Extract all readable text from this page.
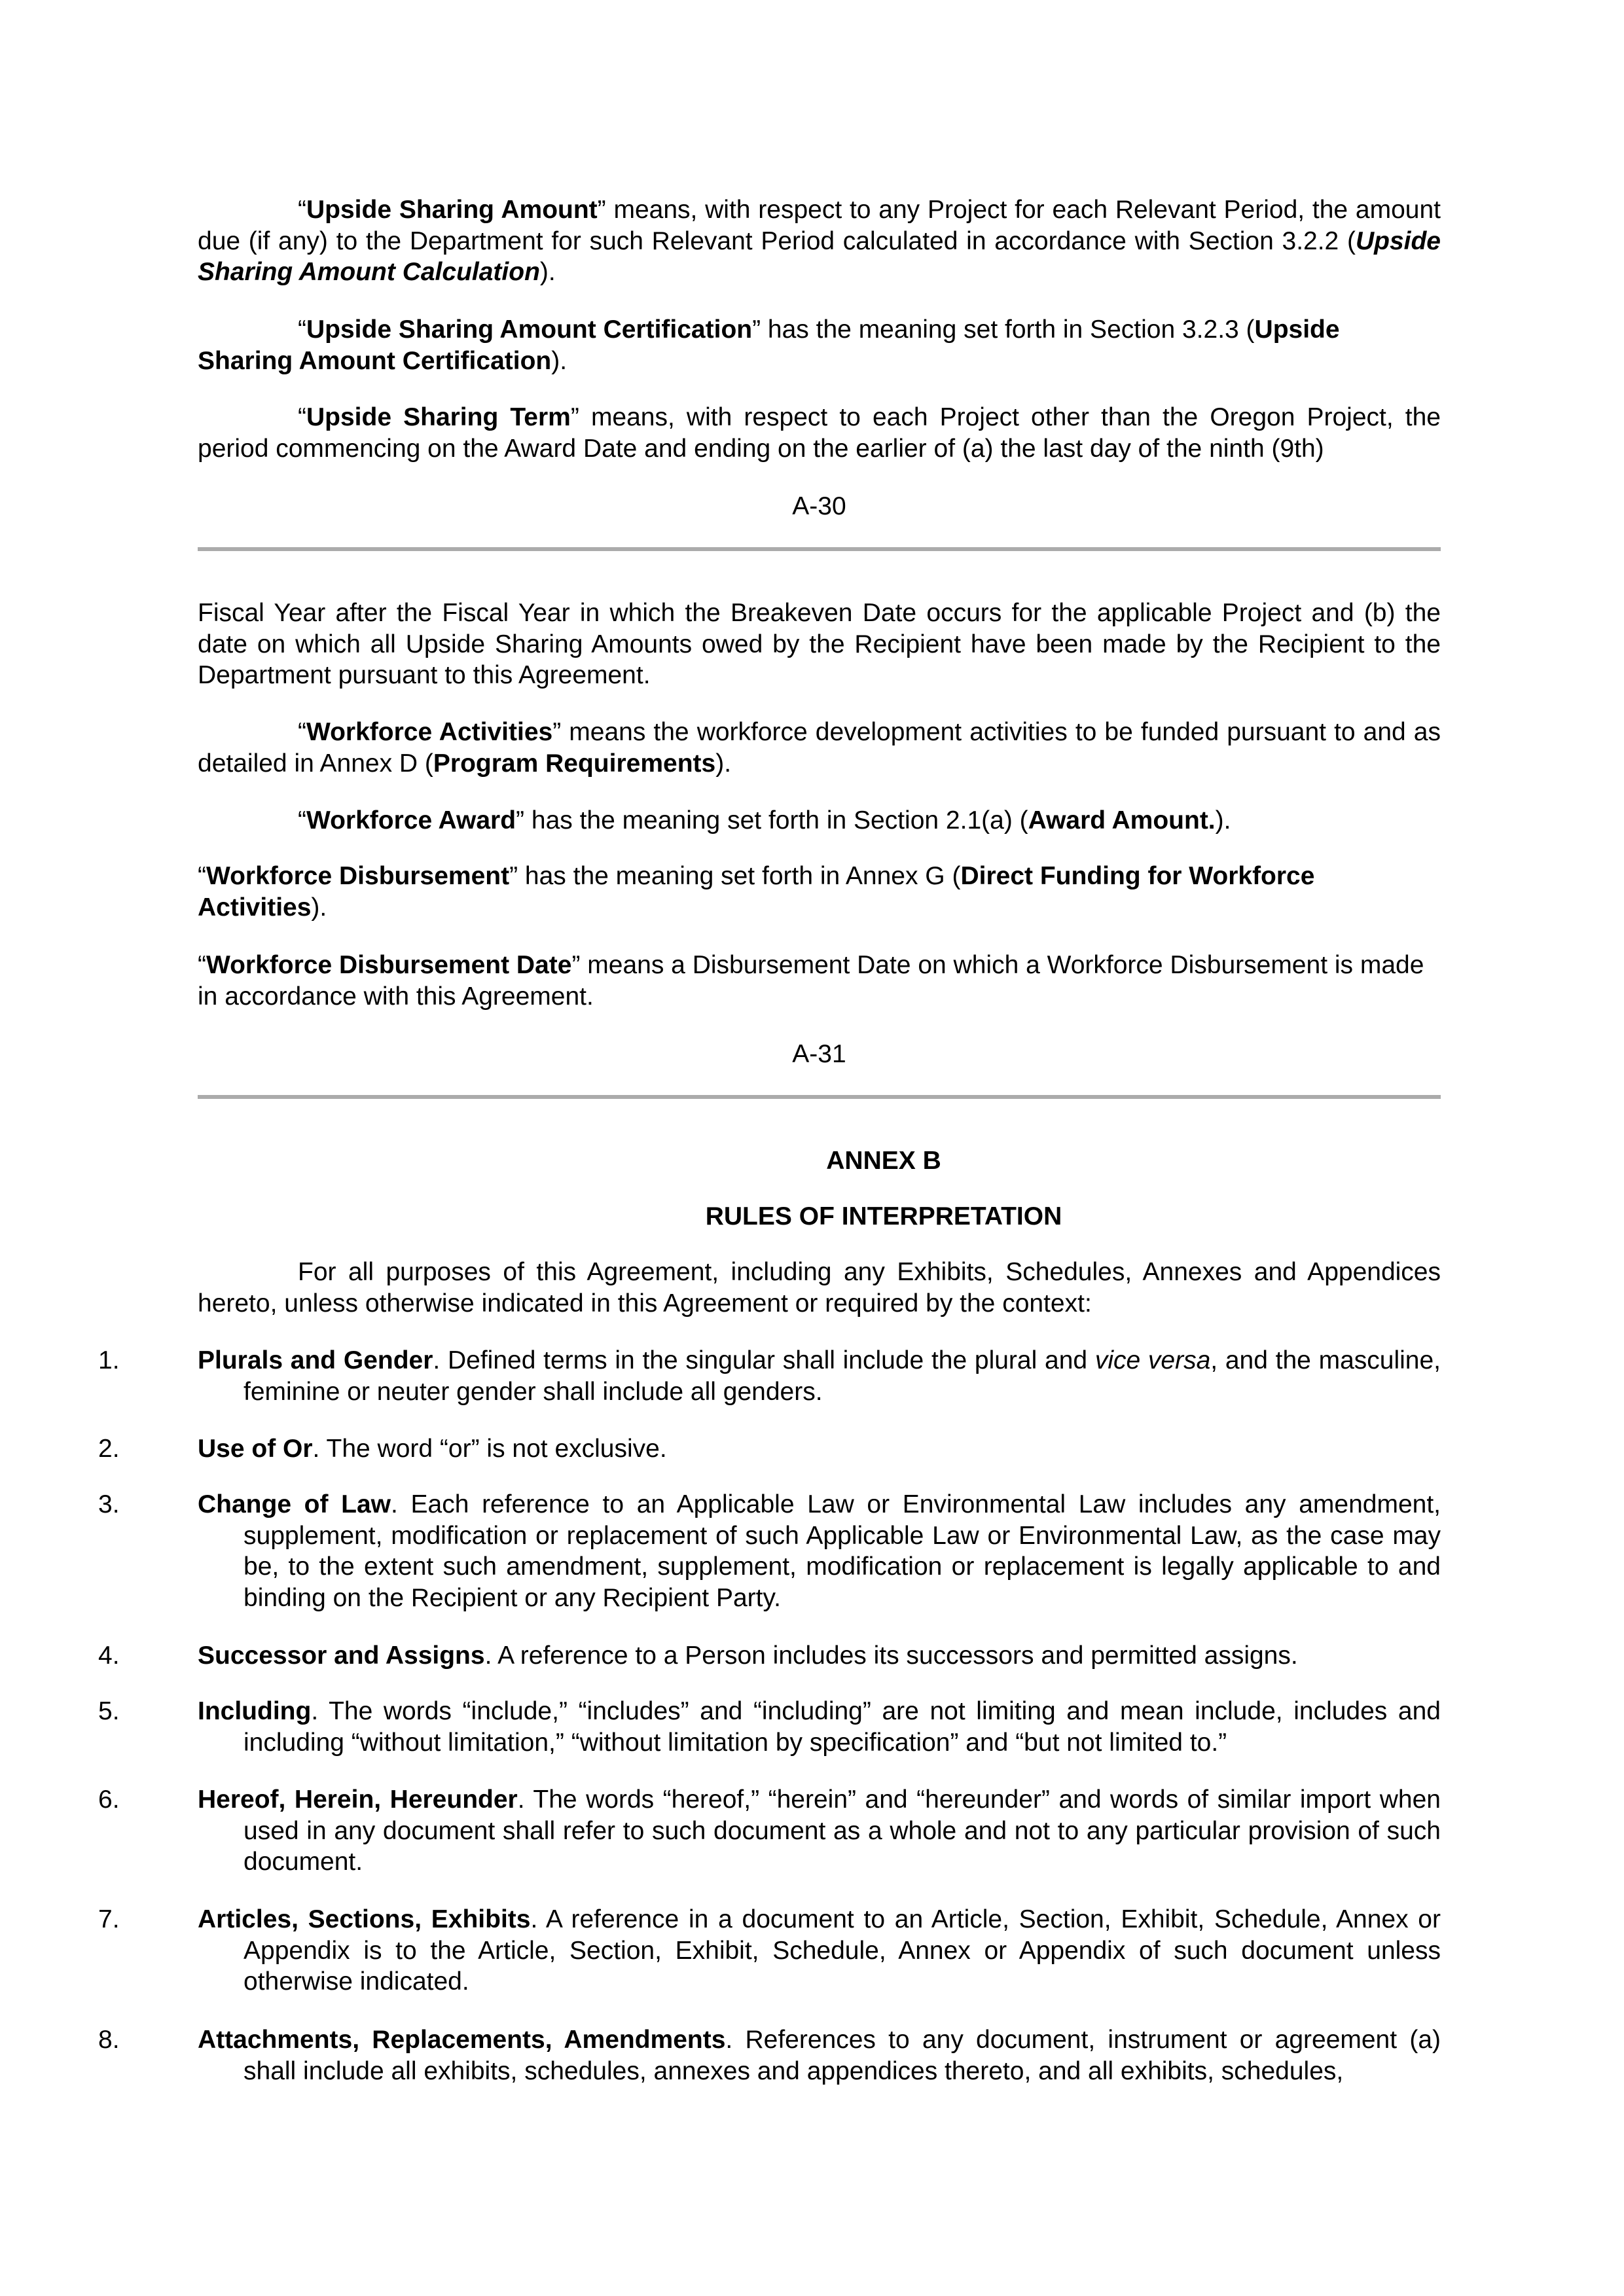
“Upside Sharing Amount” means, with respect to any Project for each Relevant Period, the amount due (if any) to the Department for such Relevant Period calculated in accordance with Section 3.2.2 (Upside Sharing Amount Calculation).

“Upside Sharing Amount Certification” has the meaning set forth in Section 3.2.3 (Upside Sharing Amount Certification).

“Upside Sharing Term” means, with respect to each Project other than the Oregon Project, the period commencing on the Award Date and ending on the earlier of (a) the last day of the ninth (9th)

A-30

Fiscal Year after the Fiscal Year in which the Breakeven Date occurs for the applicable Project and (b) the date on which all Upside Sharing Amounts owed by the Recipient have been made by the Recipient to the Department pursuant to this Agreement.

“Workforce Activities” means the workforce development activities to be funded pursuant to and as detailed in Annex D (Program Requirements).

“Workforce Award” has the meaning set forth in Section 2.1(a) (Award Amount.).

“Workforce Disbursement” has the meaning set forth in Annex G (Direct Funding for Workforce Activities).

“Workforce Disbursement Date” means a Disbursement Date on which a Workforce Disbursement is made in accordance with this Agreement.

A-31

ANNEX B

RULES OF INTERPRETATION

For all purposes of this Agreement, including any Exhibits, Schedules, Annexes and Appendices hereto, unless otherwise indicated in this Agreement or required by the context:

1.	Plurals and Gender. Defined terms in the singular shall include the plural and vice versa, and the masculine, feminine or neuter gender shall include all genders.
2.	Use of Or. The word “or” is not exclusive.
3.	Change of Law. Each reference to an Applicable Law or Environmental Law includes any amendment, supplement, modification or replacement of such Applicable Law or Environmental Law, as the case may be, to the extent such amendment, supplement, modification or replacement is legally applicable to and binding on the Recipient or any Recipient Party.
4.	Successor and Assigns. A reference to a Person includes its successors and permitted assigns.
5.	Including. The words “include,” “includes” and “including” are not limiting and mean include, includes and including “without limitation,” “without limitation by specification” and “but not limited to.”
6.	Hereof, Herein, Hereunder. The words “hereof,” “herein” and “hereunder” and words of similar import when used in any document shall refer to such document as a whole and not to any particular provision of such document.
7.	Articles, Sections, Exhibits. A reference in a document to an Article, Section, Exhibit, Schedule, Annex or Appendix is to the Article, Section, Exhibit, Schedule, Annex or Appendix of such document unless otherwise indicated.
8.	Attachments, Replacements, Amendments. References to any document, instrument or agreement (a) shall include all exhibits, schedules, annexes and appendices thereto, and all exhibits, schedules,
